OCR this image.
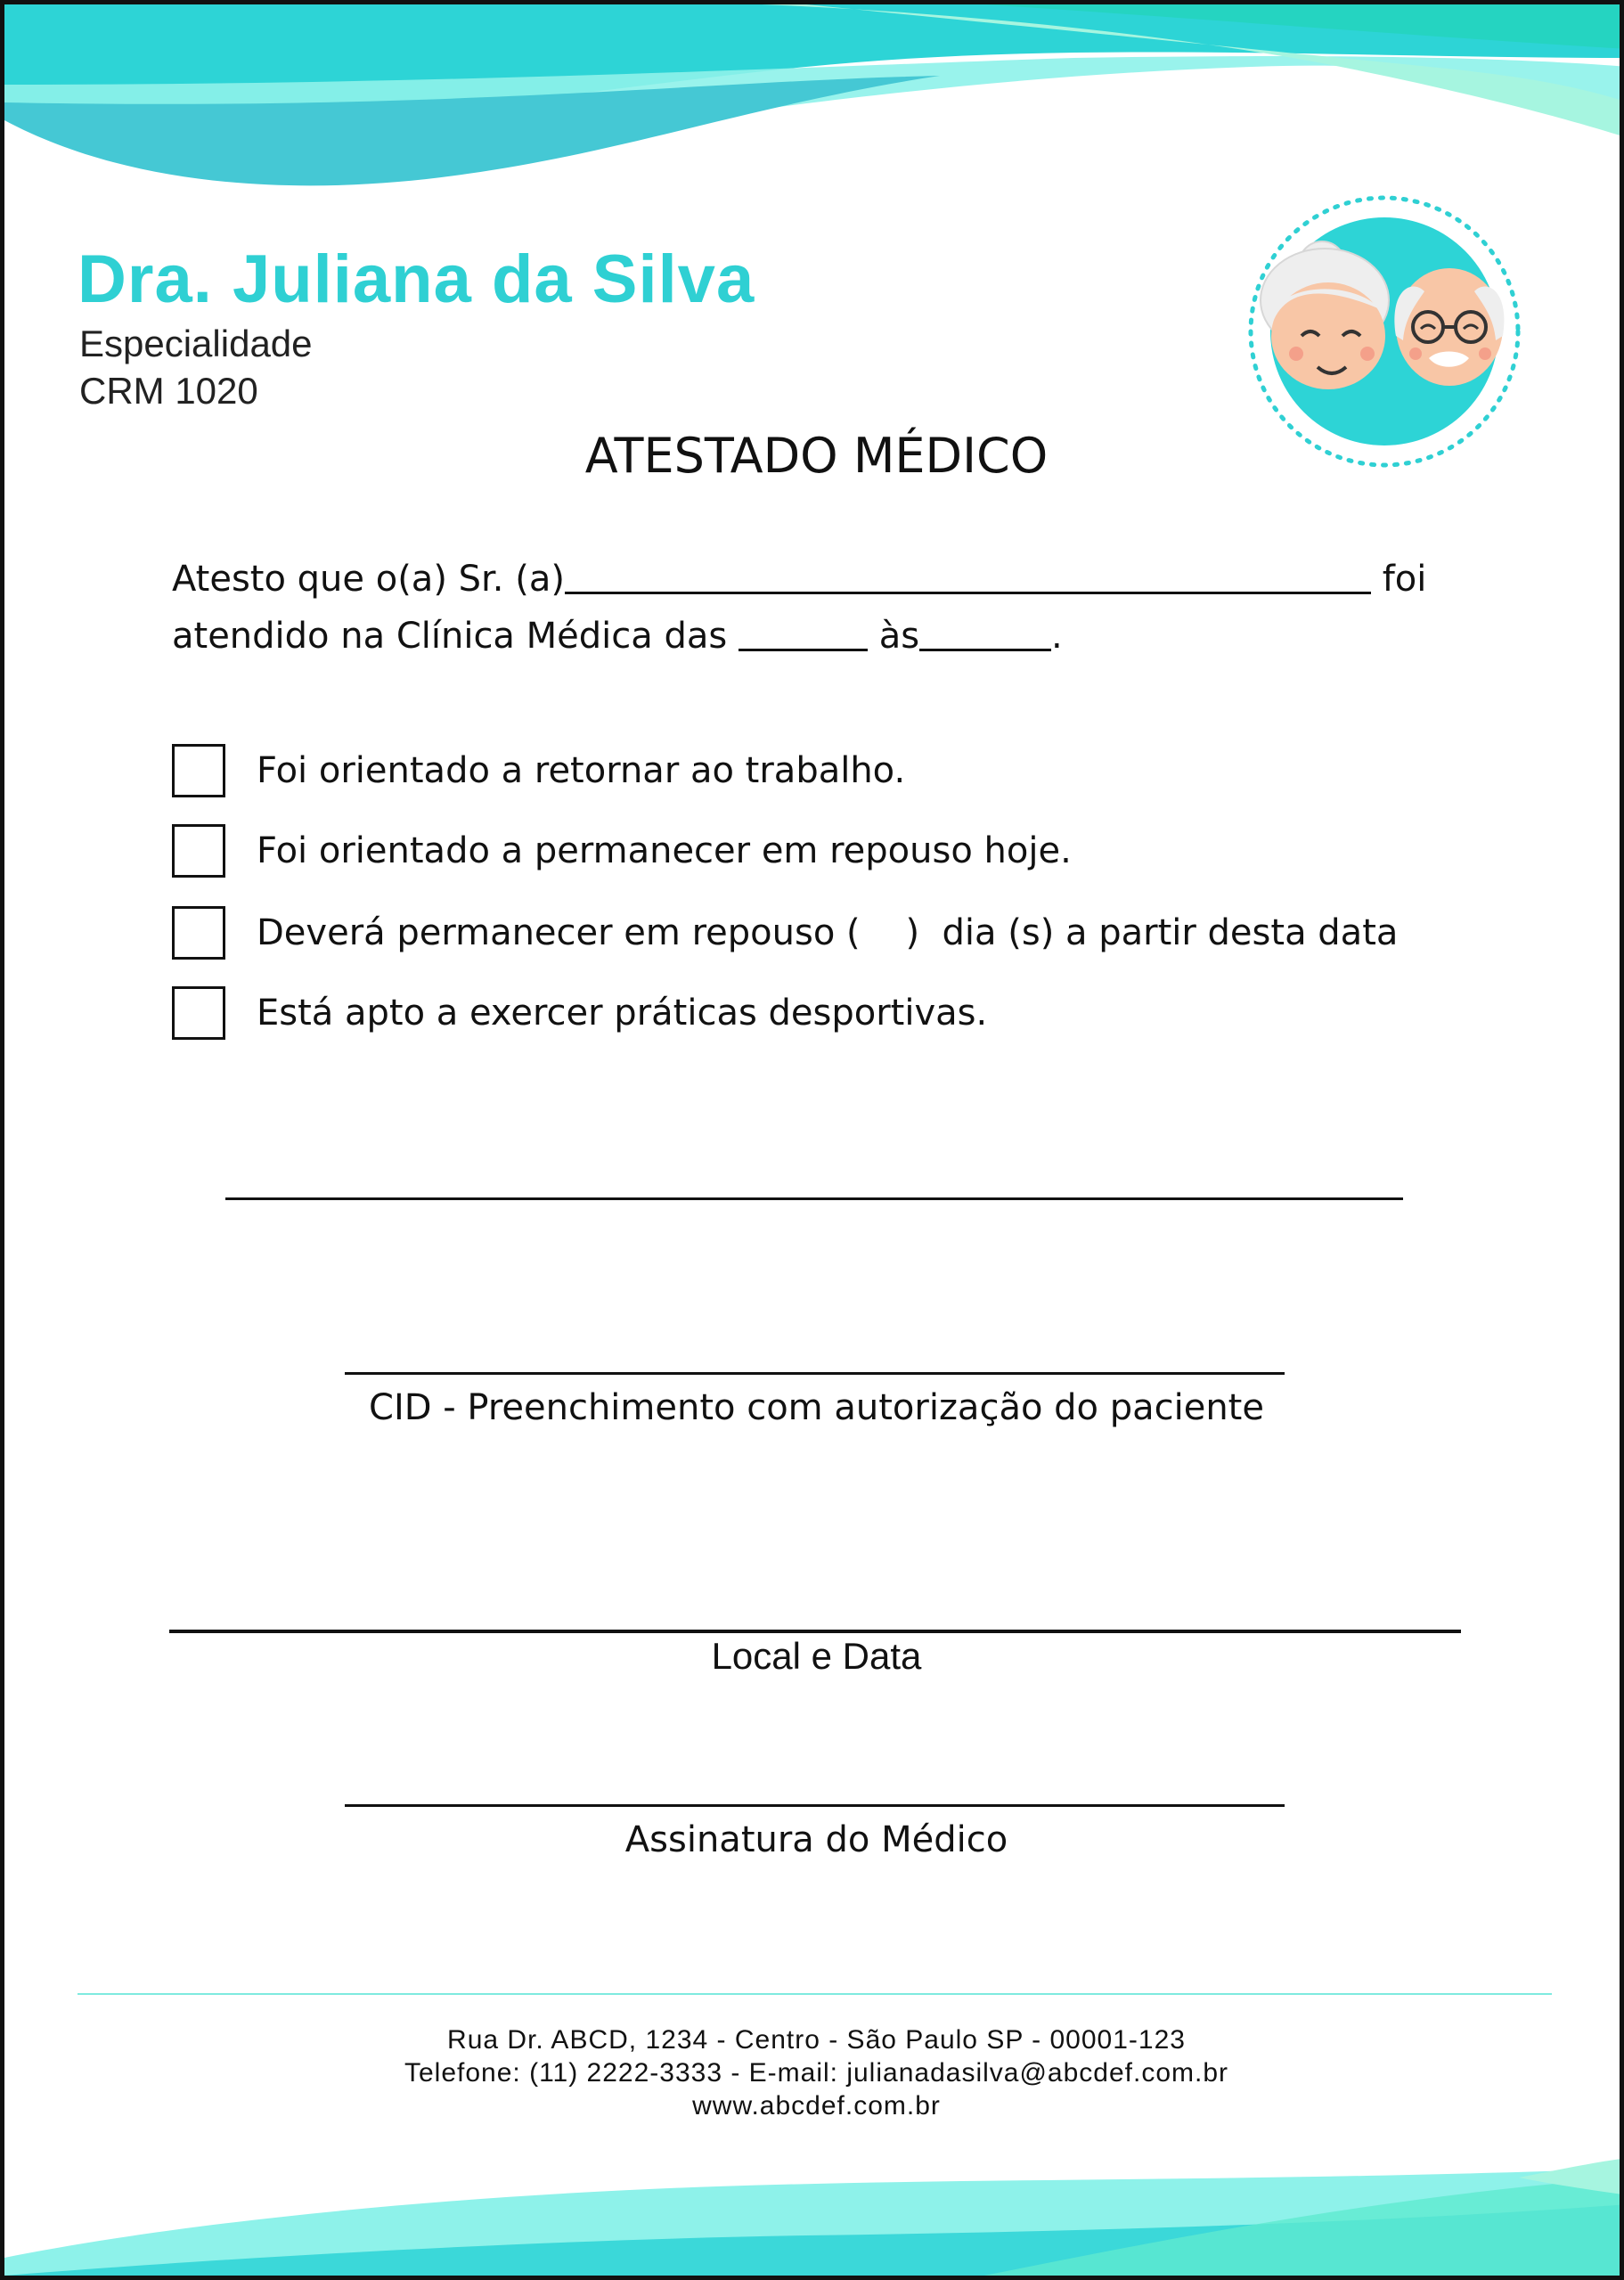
Dra. Juliana da Silva
Especialidade
CRM 1020
ATESTADO MÉDICO
Atesto que o(a) Sr. (a)	foi
atendido na Clínica Médica das	às	.
Foi orientado a retornar ao trabalho.
Foi orientado a permanecer em repouso hoje.
Deverá permanecer em repouso (    )  dia (s) a partir desta data
Está apto a exercer práticas desportivas.
CID - Preenchimento com autorização do paciente
Local e Data
Assinatura do Médico
Rua Dr. ABCD, 1234 - Centro - São Paulo SP - 00001-123
Telefone: (11) 2222-3333 - E-mail: julianadasilva@abcdef.com.br
www.abcdef.com.br
